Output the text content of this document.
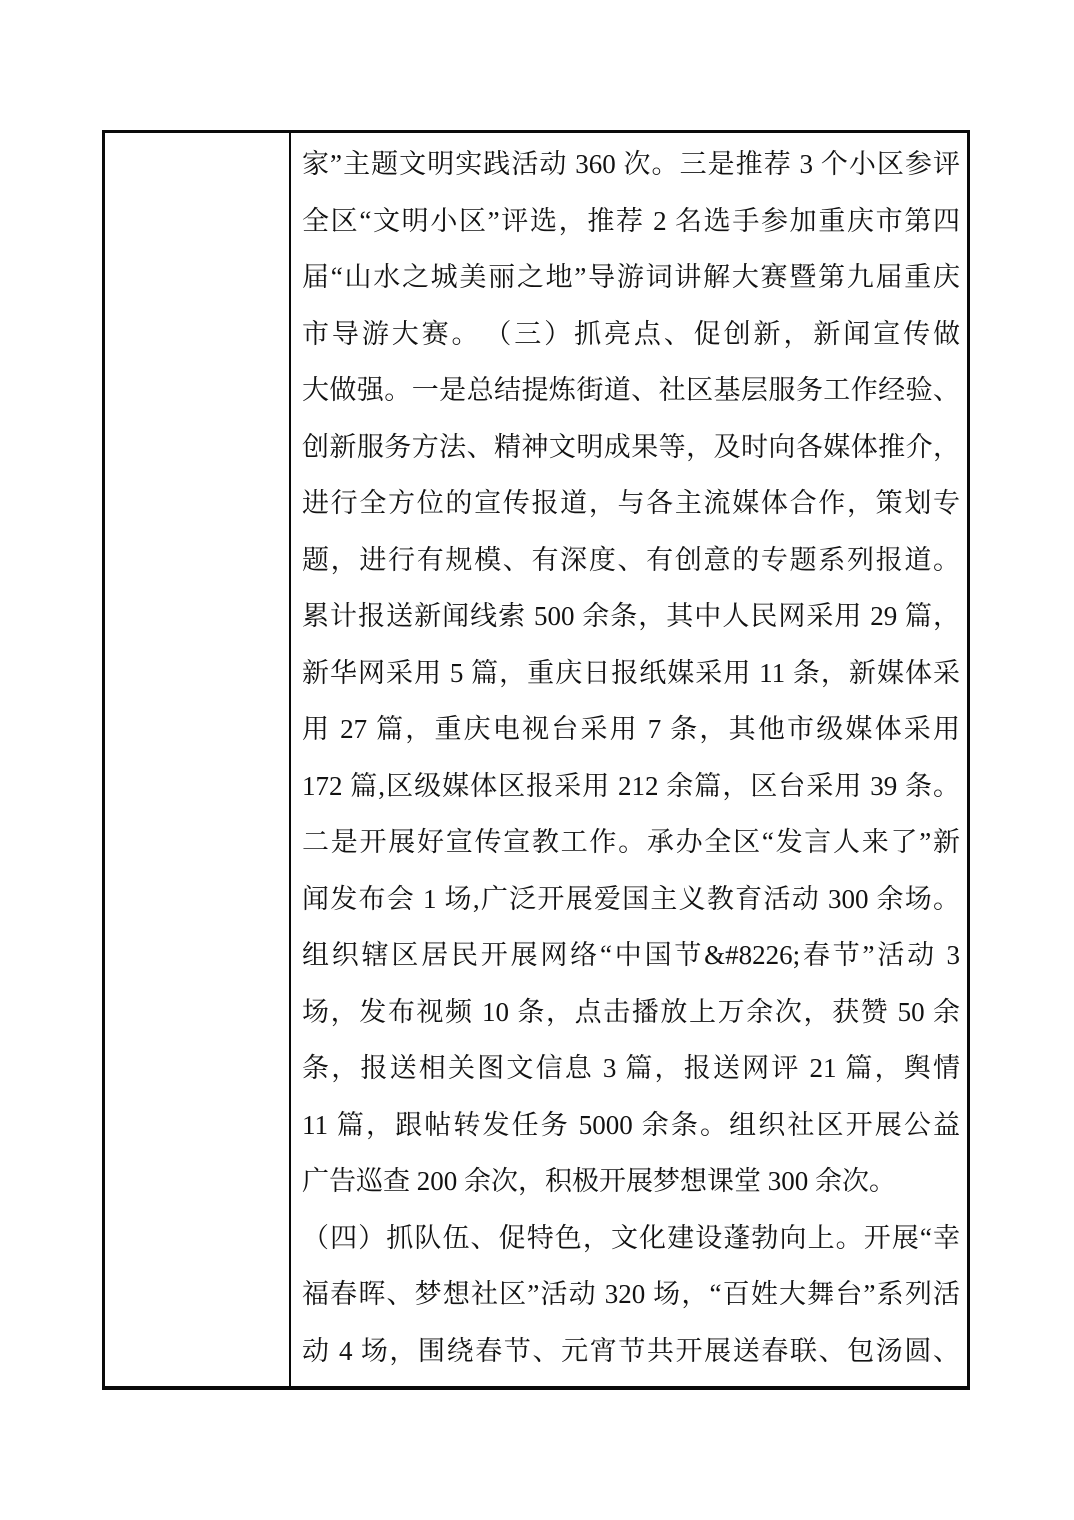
家”主题文明实践活动 360 次。三是推荐 3 个小区参评
全区“文明小区”评选，推荐 2 名选手参加重庆市第四
届“山水之城美丽之地”导游词讲解大赛暨第九届重庆
市导游大赛。　（三）抓亮点、促创新，新闻宣传做
大做强。一是总结提炼街道、社区基层服务工作经验、
创新服务方法、精神文明成果等，及时向各媒体推介，
进行全方位的宣传报道，与各主流媒体合作，策划专
题，进行有规模、有深度、有创意的专题系列报道。
累计报送新闻线索 500 余条，其中人民网采用 29 篇，
新华网采用 5 篇，重庆日报纸媒采用 11 条，新媒体采
用 27 篇，重庆电视台采用 7 条，其他市级媒体采用
172 篇,区级媒体区报采用 212 余篇，区台采用 39 条。
二是开展好宣传宣教工作。承办全区“发言人来了”新
闻发布会 1 场,广泛开展爱国主义教育活动 300 余场。
组织辖区居民开展网络“中国节&#8226;春节”活动 3
场，发布视频 10 条，点击播放上万余次，获赞 50 余
条，报送相关图文信息 3 篇，报送网评 21 篇，舆情
11 篇，跟帖转发任务 5000 余条。组织社区开展公益
广告巡查 200 余次，积极开展梦想课堂 300 余次。
（四）抓队伍、促特色，文化建设蓬勃向上。开展“幸
福春晖、梦想社区”活动 320 场，“百姓大舞台”系列活
动 4 场，围绕春节、元宵节共开展送春联、包汤圆、
